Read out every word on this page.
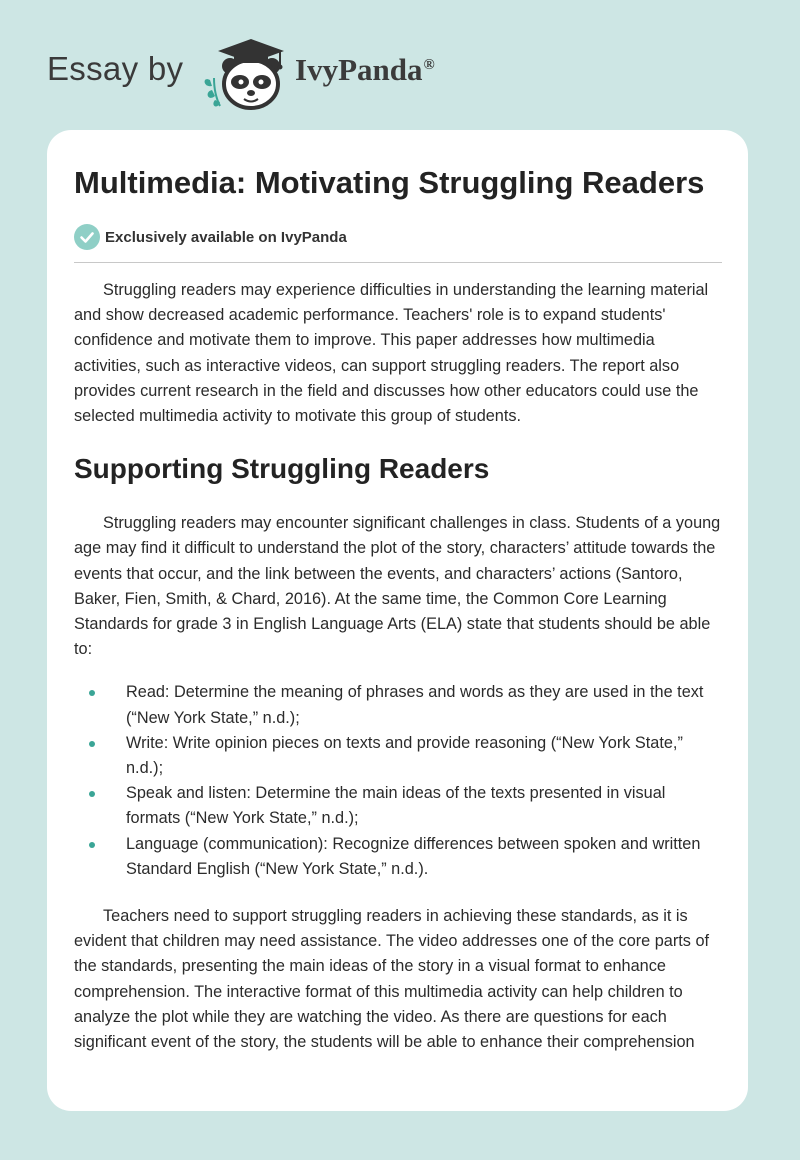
Essay by	IvyPanda®
Multimedia: Motivating Struggling Readers
Exclusively available on IvyPanda

Struggling readers may experience difficulties in understanding the learning material and show decreased academic performance. Teachers' role is to expand students' confidence and motivate them to improve. This paper addresses how multimedia activities, such as interactive videos, can support struggling readers. The report also provides current research in the field and discusses how other educators could use the selected multimedia activity to motivate this group of students.

Supporting Struggling Readers

Struggling readers may encounter significant challenges in class. Students of a young age may find it difficult to understand the plot of the story, characters’ attitude towards the events that occur, and the link between the events, and characters’ actions (Santoro, Baker, Fien, Smith, & Chard, 2016). At the same time, the Common Core Learning Standards for grade 3 in English Language Arts (ELA) state that students should be able to:

Read: Determine the meaning of phrases and words as they are used in the text (“New York State,” n.d.);
Write: Write opinion pieces on texts and provide reasoning (“New York State,” n.d.);
Speak and listen: Determine the main ideas of the texts presented in visual formats (“New York State,” n.d.);
Language (communication): Recognize differences between spoken and written Standard English (“New York State,” n.d.).

Teachers need to support struggling readers in achieving these standards, as it is evident that children may need assistance. The video addresses one of the core parts of the standards, presenting the main ideas of the story in a visual format to enhance comprehension. The interactive format of this multimedia activity can help children to analyze the plot while they are watching the video. As there are questions for each significant event of the story, the students will be able to enhance their comprehension
